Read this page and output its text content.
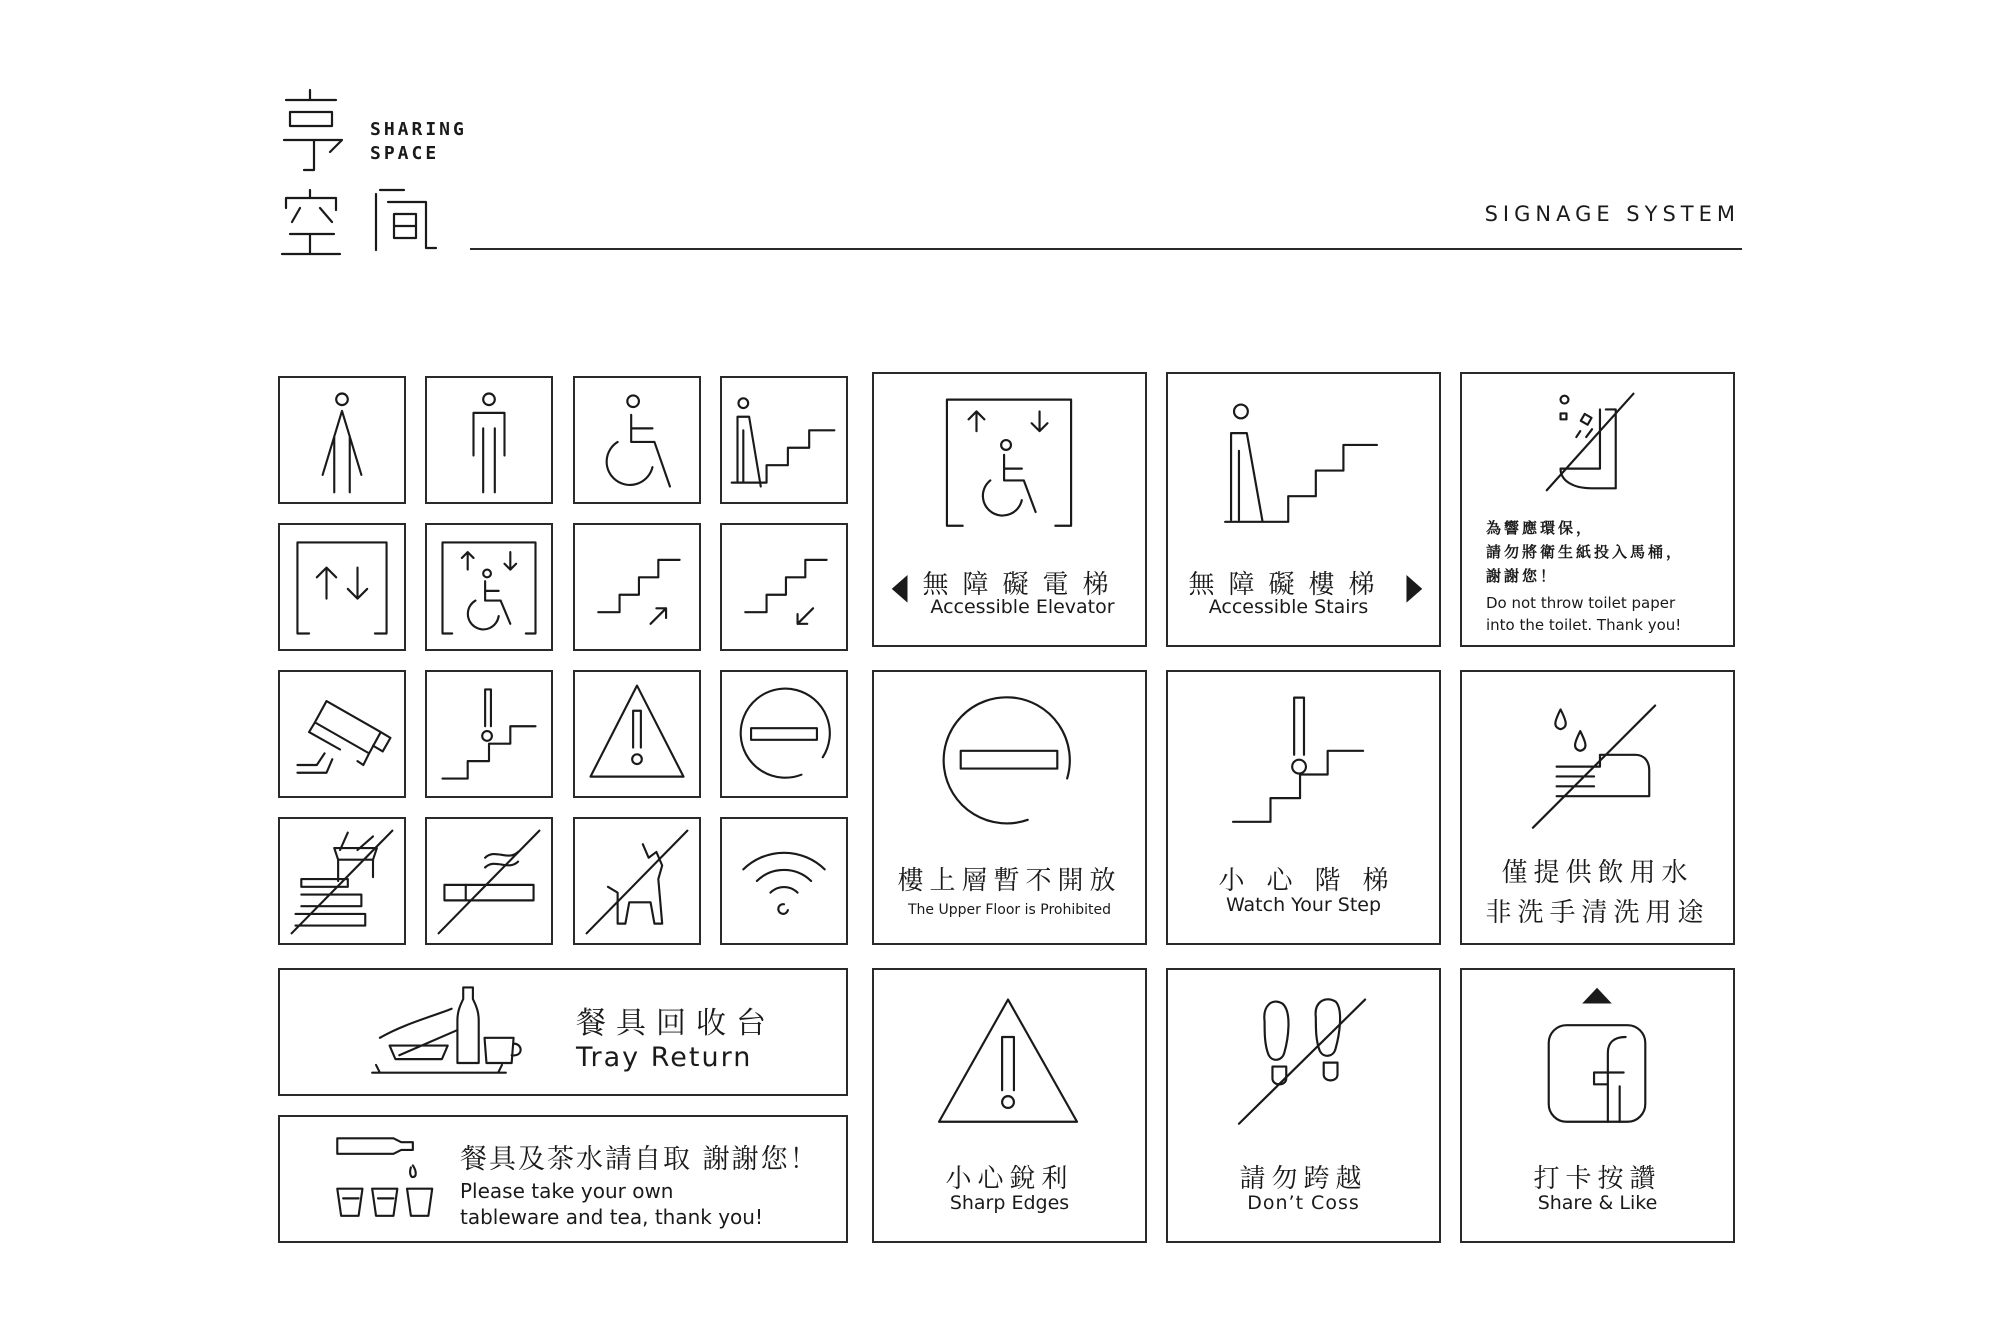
SHARING
SPACE
SIGNAGE SYSTEM
無障礙電梯
Accessible Elevator
無障礙樓梯
Accessible Stairs
為響應環保，
請勿將衛生紙投入馬桶，
謝謝您！
Do not throw toilet paper
into the toilet. Thank you!
樓上層暫不開放
The Upper Floor is Prohibited
小心階梯
Watch Your Step
僅提供飲用水
非洗手清洗用途
餐具回收台
Tray Return
餐具及茶水請自取 謝謝您！
Please take your own
tableware and tea, thank you!
小心銳利
Sharp Edges
請勿跨越
Don’t Coss
打卡按讚
Share & Like
